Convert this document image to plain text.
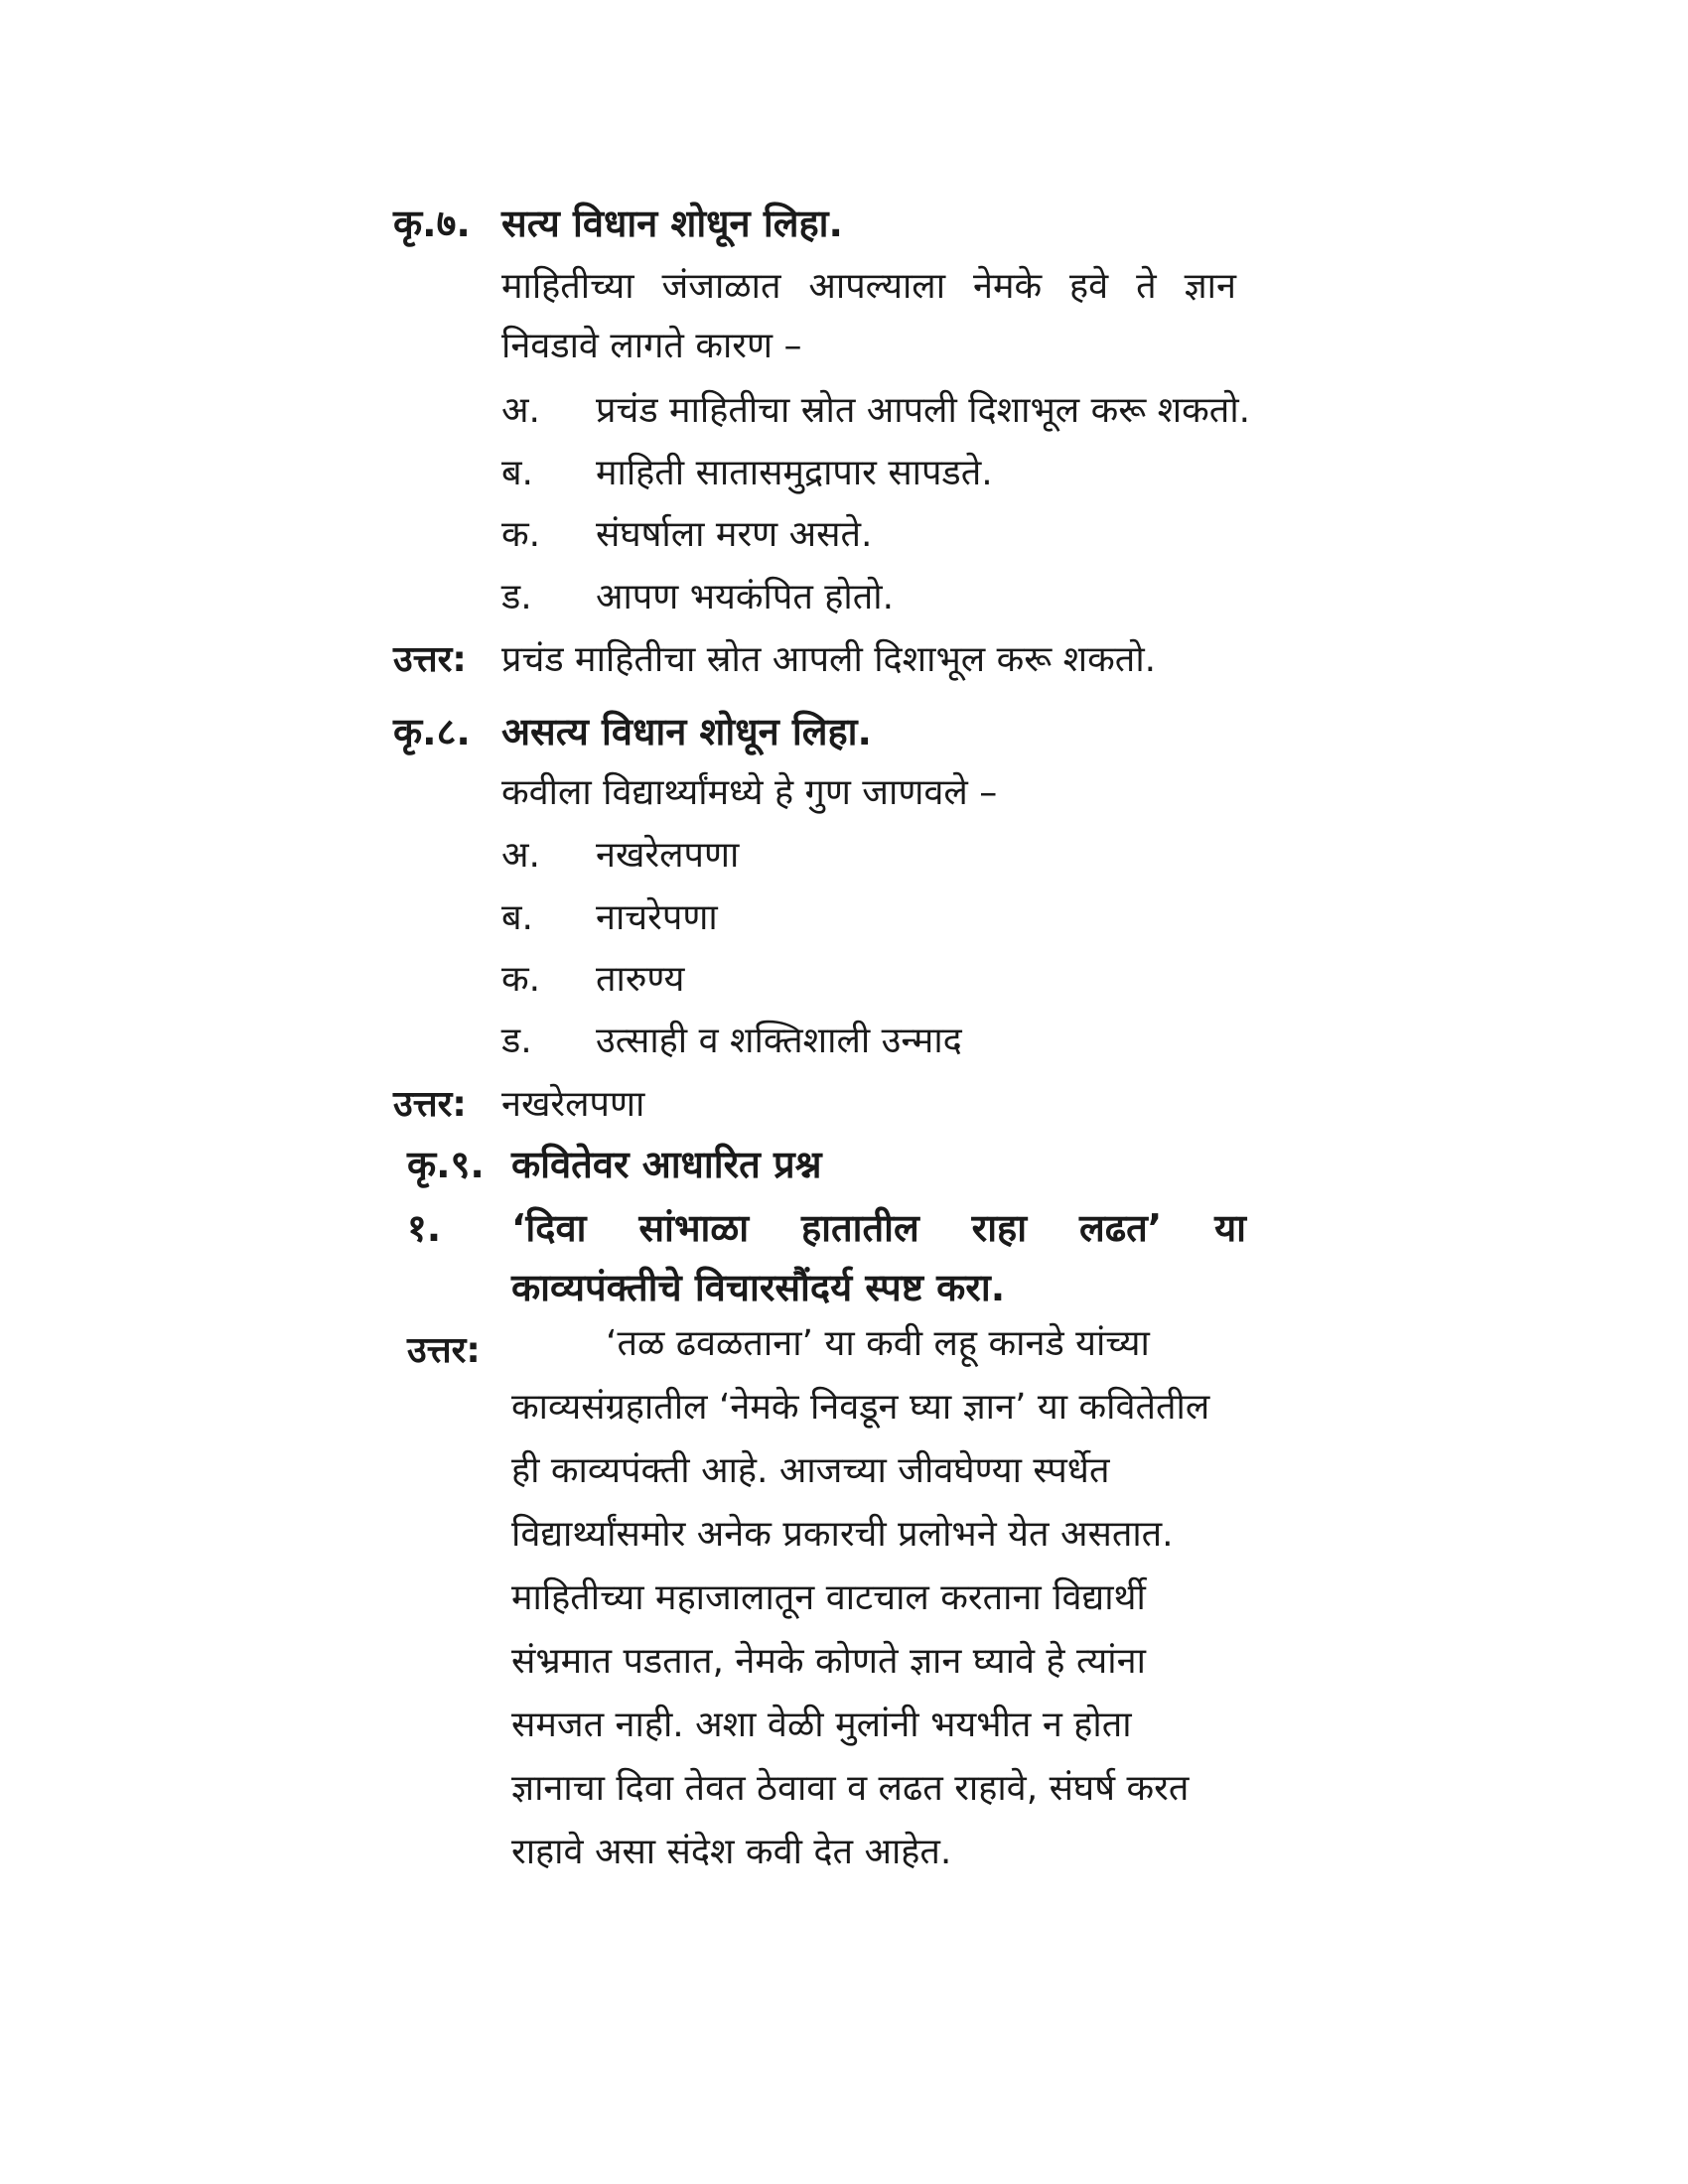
कृ.७. सत्य विधान शोधून लिहा.
माहितीच्या जंजाळात आपल्याला नेमके हवे ते ज्ञान
निवडावे लागते कारण –
अ. प्रचंड माहितीचा स्रोत आपली दिशाभूल करू शकतो.
ब. माहिती सातासमुद्रापार सापडते.
क. संघर्षाला मरण असते.
ड. आपण भयकंपित होतो.
उत्तर: प्रचंड माहितीचा स्रोत आपली दिशाभूल करू शकतो.
कृ.८. असत्य विधान शोधून लिहा.
कवीला विद्यार्थ्यांमध्ये हे गुण जाणवले –
अ. नखरेलपणा
ब. नाचरेपणा
क. तारुण्य
ड. उत्साही व शक्तिशाली उन्माद
उत्तर: नखरेलपणा
कृ.९. कवितेवर आधारित प्रश्न
१. ‘दिवा सांभाळा हातातील राहा लढत’ या
काव्यपंक्तीचे विचारसौंदर्य स्पष्ट करा.
उत्तर:	‘तळ ढवळताना’ या कवी लहू कानडे यांच्या
काव्यसंग्रहातील ‘नेमके निवडून घ्या ज्ञान’ या कवितेतील
ही काव्यपंक्ती आहे. आजच्या जीवघेण्या स्पर्धेत
विद्यार्थ्यांसमोर अनेक प्रकारची प्रलोभने येत असतात.
माहितीच्या महाजालातून वाटचाल करताना विद्यार्थी
संभ्रमात पडतात, नेमके कोणते ज्ञान घ्यावे हे त्यांना
समजत नाही. अशा वेळी मुलांनी भयभीत न होता
ज्ञानाचा दिवा तेवत ठेवावा व लढत राहावे, संघर्ष करत
राहावे असा संदेश कवी देत आहेत.
